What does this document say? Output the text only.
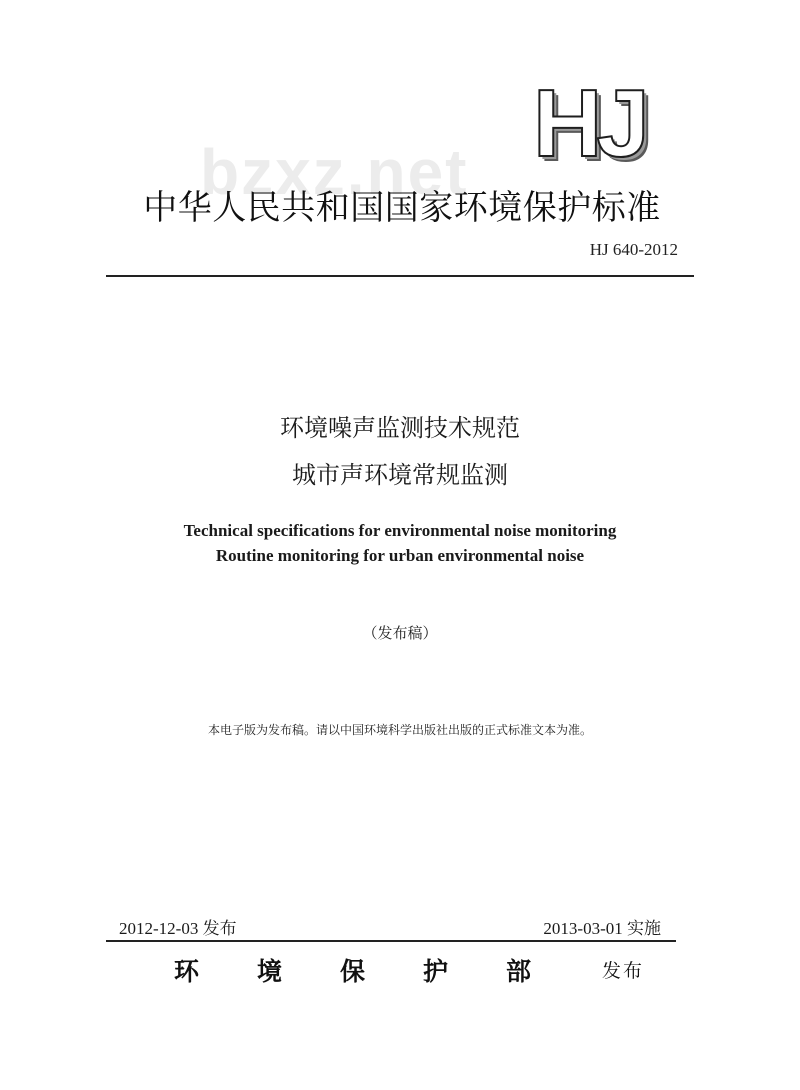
HJ
bzxz.net
中华人民共和国国家环境保护标准
HJ 640-2012
环境噪声监测技术规范
城市声环境常规监测
Technical specifications for environmental noise monitoring
Routine monitoring for urban environmental noise
（发布稿）
本电子版为发布稿。请以中国环境科学出版社出版的正式标准文本为准。
2012-12-03 发布	2013-03-01 实施
环境保护部 发布
